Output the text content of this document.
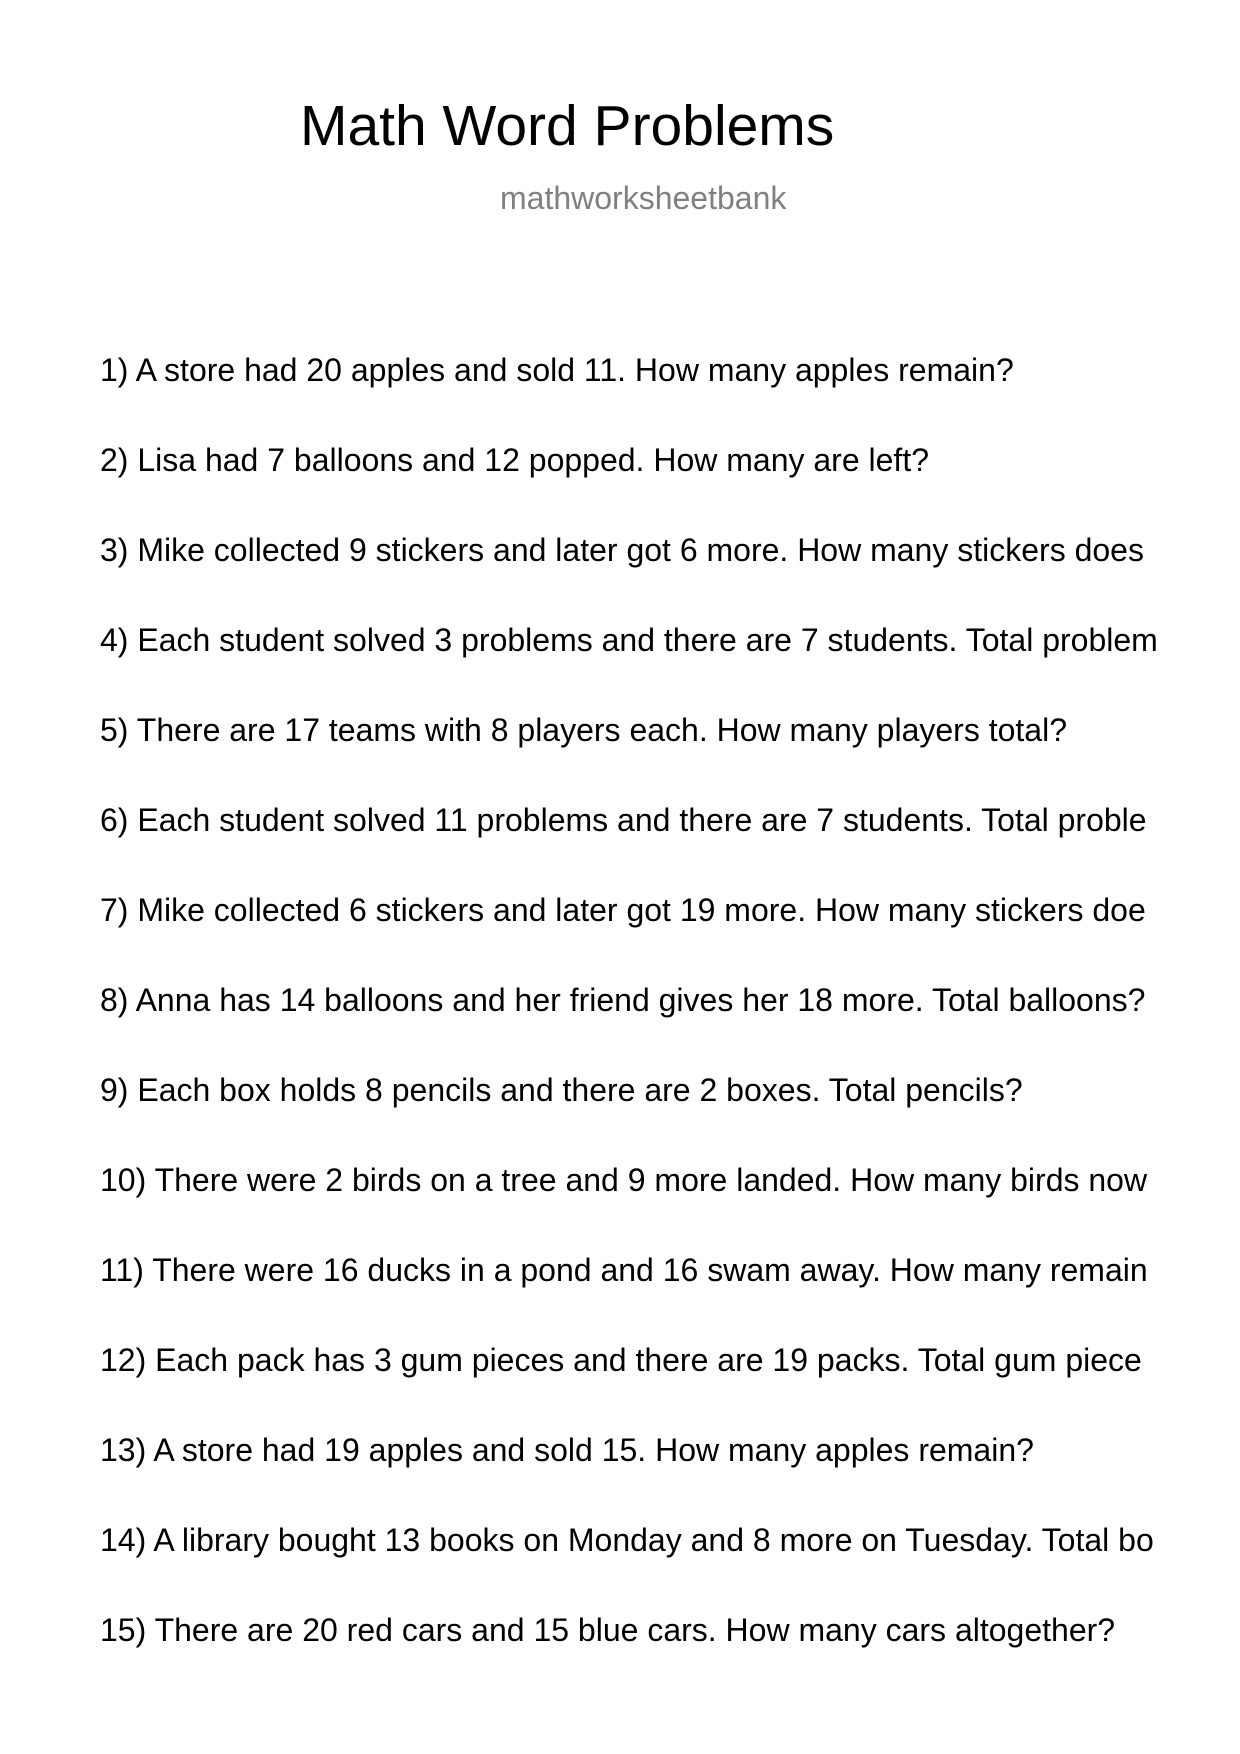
Math Word Problems
mathworksheetbank
1) A store had 20 apples and sold 11. How many apples remain?
2) Lisa had 7 balloons and 12 popped. How many are left?
3) Mike collected 9 stickers and later got 6 more. How many stickers does
4) Each student solved 3 problems and there are 7 students. Total problem
5) There are 17 teams with 8 players each. How many players total?
6) Each student solved 11 problems and there are 7 students. Total proble
7) Mike collected 6 stickers and later got 19 more. How many stickers doe
8) Anna has 14 balloons and her friend gives her 18 more. Total balloons?
9) Each box holds 8 pencils and there are 2 boxes. Total pencils?
10) There were 2 birds on a tree and 9 more landed. How many birds now
11) There were 16 ducks in a pond and 16 swam away. How many remain
12) Each pack has 3 gum pieces and there are 19 packs. Total gum piece
13) A store had 19 apples and sold 15. How many apples remain?
14) A library bought 13 books on Monday and 8 more on Tuesday. Total bo
15) There are 20 red cars and 15 blue cars. How many cars altogether?
